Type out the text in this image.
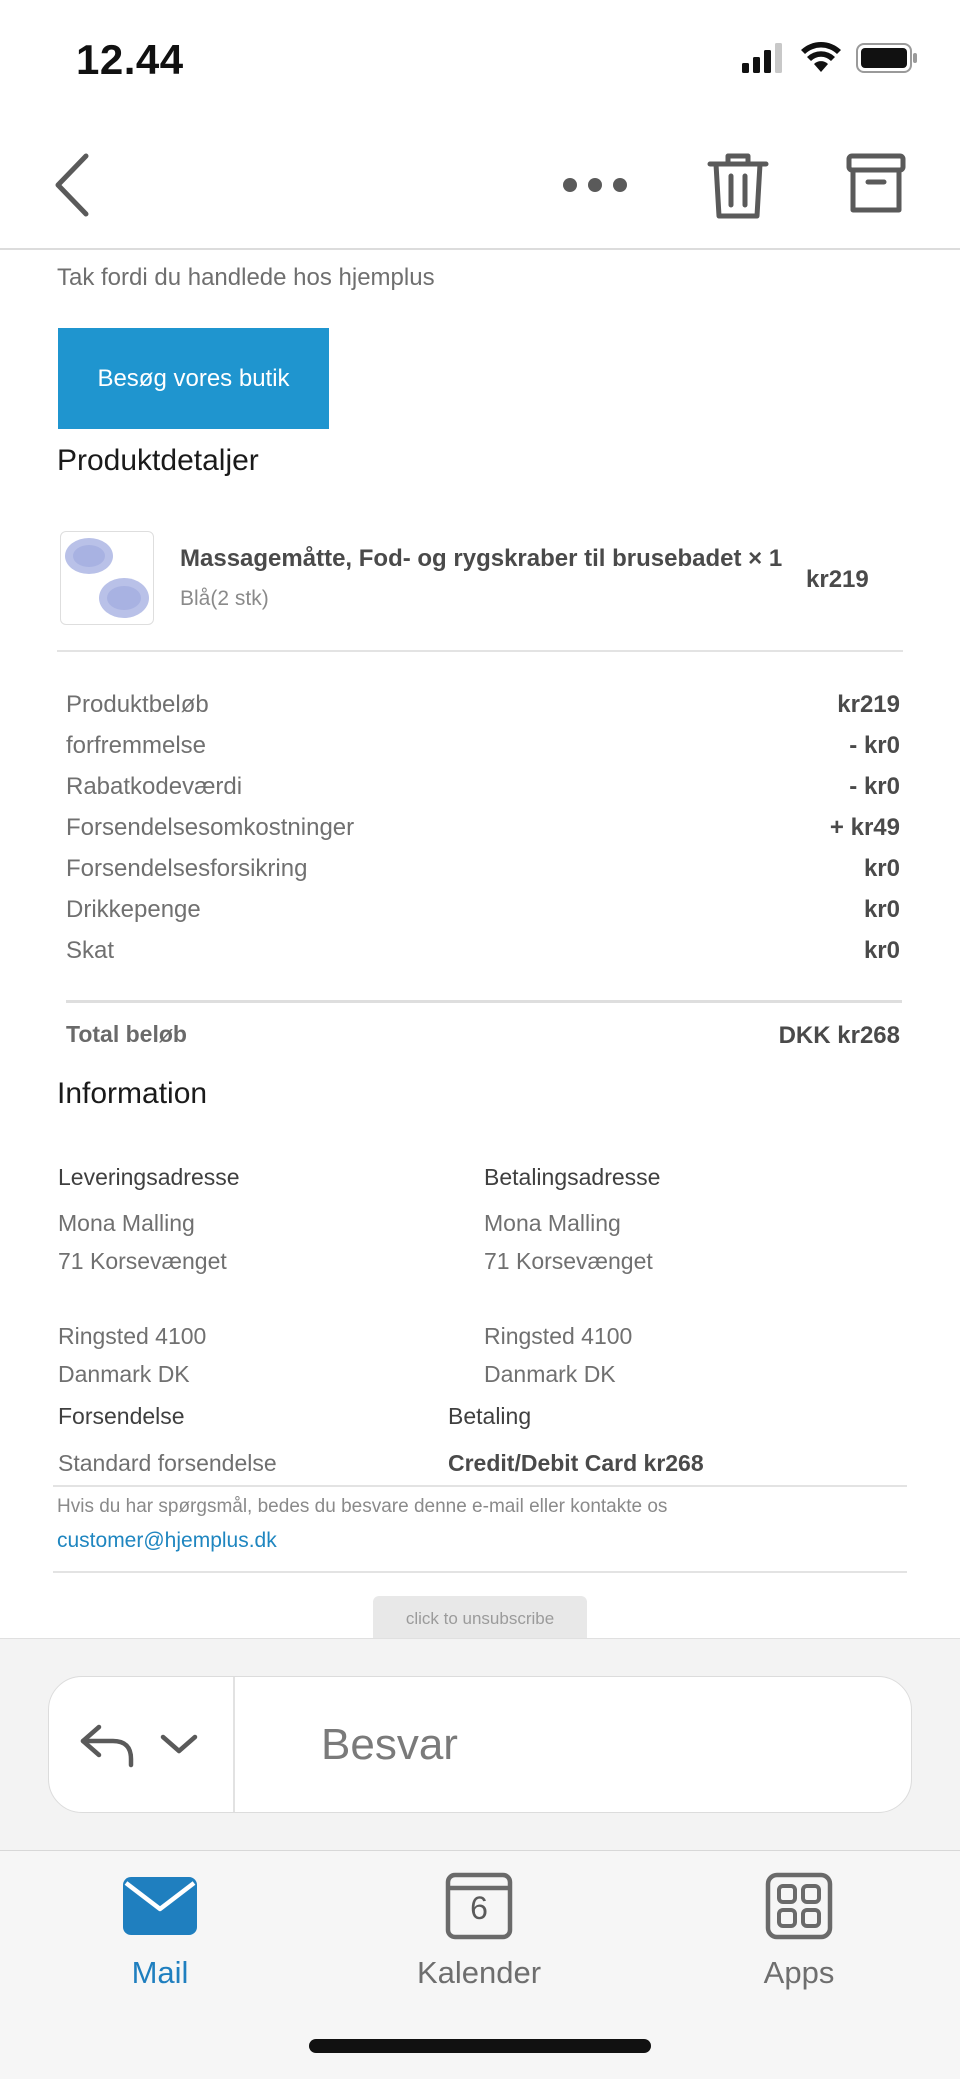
12.44
Tak fordi du handlede hos hjemplus
Besøg vores butik
Produktdetaljer
Massagemåtte, Fod- og rygskraber til brusebadet × 1
Blå(2 stk)
kr219
Produktbeløb	kr219
forfremmelse	- kr0
Rabatkodeværdi	- kr0
Forsendelsesomkostninger	+ kr49
Forsendelsesforsikring	kr0
Drikkepenge	kr0
Skat	kr0
Total beløb	DKK kr268
Information
Leveringsadresse
Mona Malling
71 Korsevænget
Ringsted 4100
Danmark DK
Betalingsadresse
Mona Malling
71 Korsevænget
Ringsted 4100
Danmark DK
Forsendelse	Betaling
Standard forsendelse	Credit/Debit Card kr268
Hvis du har spørgsmål, bedes du besvare denne e-mail eller kontakte os
customer@hjemplus.dk
click to unsubscribe
Besvar
Mail
6
Kalender	Apps
